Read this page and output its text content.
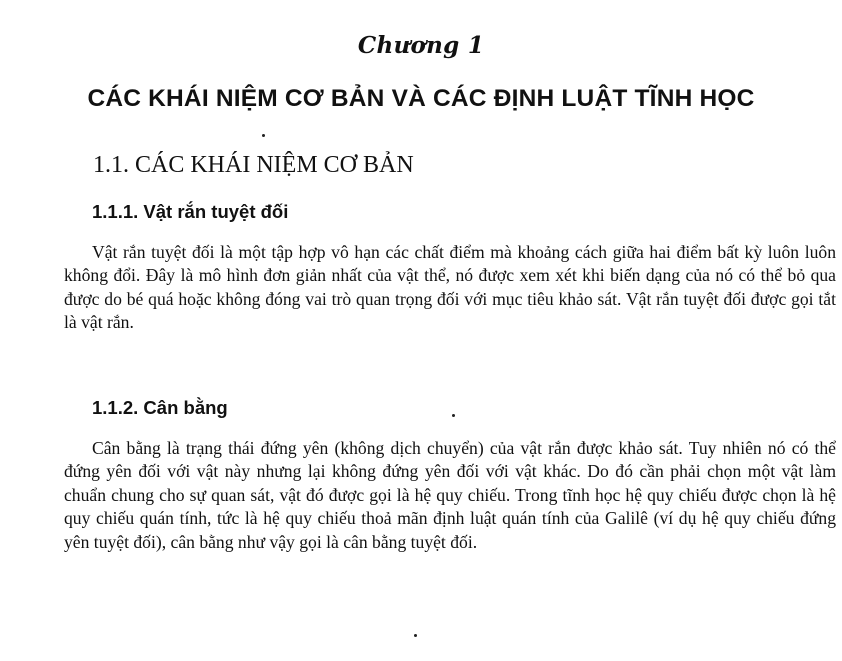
Chương 1
CÁC KHÁI NIỆM CƠ BẢN VÀ CÁC ĐỊNH LUẬT TĨNH HỌC
1.1. CÁC KHÁI NIỆM CƠ BẢN
1.1.1. Vật rắn tuyệt đối

Vật rắn tuyệt đối là một tập hợp vô hạn các chất điểm mà khoảng cách giữa hai điểm bất kỳ luôn luôn không đổi. Đây là mô hình đơn giản nhất của vật thể, nó được xem xét khi biến dạng của nó có thể bỏ qua được do bé quá hoặc không đóng vai trò quan trọng đối với mục tiêu khảo sát. Vật rắn tuyệt đối được gọi tắt là vật rắn.

1.1.2. Cân bằng

Cân bằng là trạng thái đứng yên (không dịch chuyển) của vật rắn được khảo sát. Tuy nhiên nó có thể đứng yên đối với vật này nhưng lại không đứng yên đối với vật khác. Do đó cần phải chọn một vật làm chuẩn chung cho sự quan sát, vật đó được gọi là hệ quy chiếu. Trong tĩnh học hệ quy chiếu được chọn là hệ quy chiếu quán tính, tức là hệ quy chiếu thoả mãn định luật quán tính của Galilê (ví dụ hệ quy chiếu đứng yên tuyệt đối), cân bằng như vậy gọi là cân bằng tuyệt đối.
